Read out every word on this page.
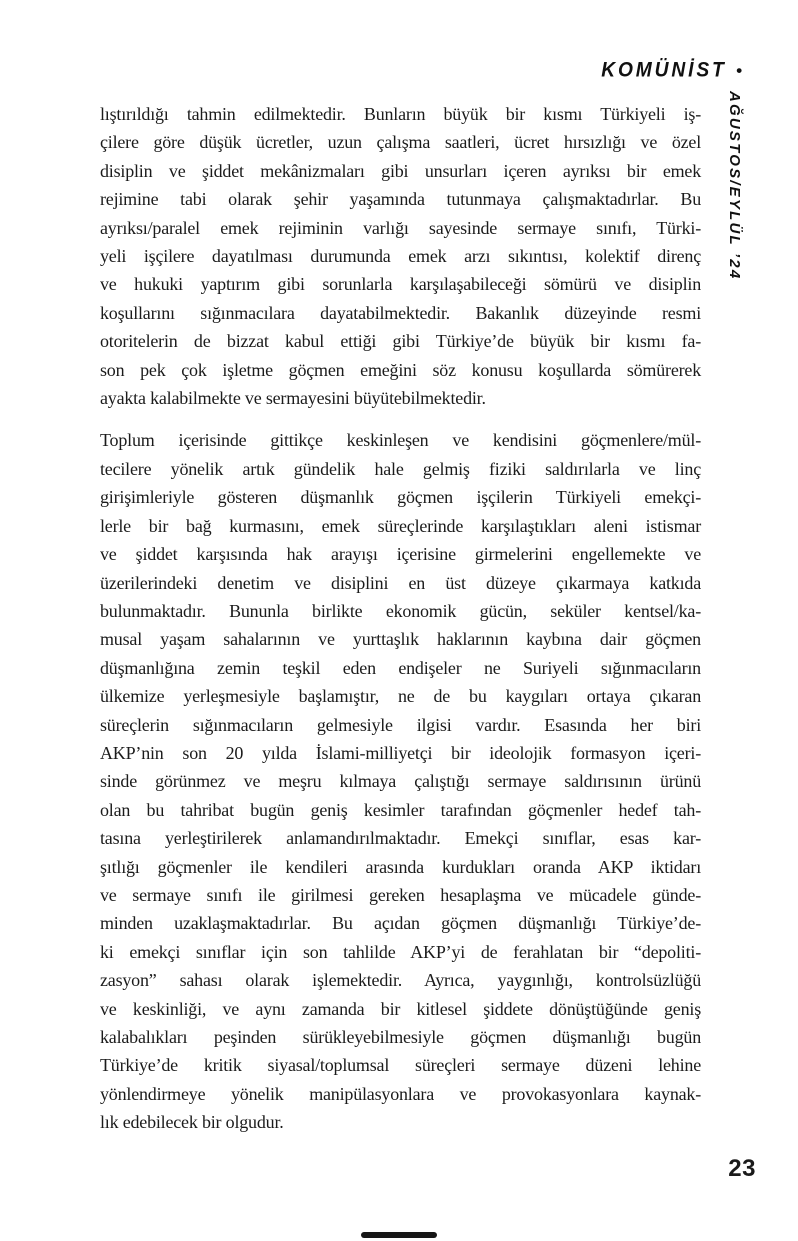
KOMÜNİST •
AĞUSTOS/EYLÜL ’24
lıştırıldığı tahmin edilmektedir. Bunların büyük bir kısmı Türkiyeli iş-
çilere göre düşük ücretler, uzun çalışma saatleri, ücret hırsızlığı ve özel
disiplin ve şiddet mekânizmaları gibi unsurları içeren ayrıksı bir emek
rejimine tabi olarak şehir yaşamında tutunmaya çalışmaktadırlar. Bu
ayrıksı/paralel emek rejiminin varlığı sayesinde sermaye sınıfı, Türki-
yeli işçilere dayatılması durumunda emek arzı sıkıntısı, kolektif direnç
ve hukuki yaptırım gibi sorunlarla karşılaşabileceği sömürü ve disiplin
koşullarını sığınmacılara dayatabilmektedir. Bakanlık düzeyinde resmi
otoritelerin de bizzat kabul ettiği gibi Türkiye’de büyük bir kısmı fa-
son pek çok işletme göçmen emeğini söz konusu koşullarda sömürerek
ayakta kalabilmekte ve sermayesini büyütebilmektedir.
Toplum içerisinde gittikçe keskinleşen ve kendisini göçmenlere/mül-
tecilere yönelik artık gündelik hale gelmiş fiziki saldırılarla ve linç
girişimleriyle gösteren düşmanlık göçmen işçilerin Türkiyeli emekçi-
lerle bir bağ kurmasını, emek süreçlerinde karşılaştıkları aleni istismar
ve şiddet karşısında hak arayışı içerisine girmelerini engellemekte ve
üzerilerindeki denetim ve disiplini en üst düzeye çıkarmaya katkıda
bulunmaktadır. Bununla birlikte ekonomik gücün, seküler kentsel/ka-
musal yaşam sahalarının ve yurttaşlık haklarının kaybına dair göçmen
düşmanlığına zemin teşkil eden endişeler ne Suriyeli sığınmacıların
ülkemize yerleşmesiyle başlamıştır, ne de bu kaygıları ortaya çıkaran
süreçlerin sığınmacıların gelmesiyle ilgisi vardır. Esasında her biri
AKP’nin son 20 yılda İslami-milliyetçi bir ideolojik formasyon içeri-
sinde görünmez ve meşru kılmaya çalıştığı sermaye saldırısının ürünü
olan bu tahribat bugün geniş kesimler tarafından göçmenler hedef tah-
tasına yerleştirilerek anlamandırılmaktadır. Emekçi sınıflar, esas kar-
şıtlığı göçmenler ile kendileri arasında kurdukları oranda AKP iktidarı
ve sermaye sınıfı ile girilmesi gereken hesaplaşma ve mücadele günde-
minden uzaklaşmaktadırlar. Bu açıdan göçmen düşmanlığı Türkiye’de-
ki emekçi sınıflar için son tahlilde AKP’yi de ferahlatan bir “depoliti-
zasyon” sahası olarak işlemektedir. Ayrıca, yaygınlığı, kontrolsüzlüğü
ve keskinliği, ve aynı zamanda bir kitlesel şiddete dönüştüğünde geniş
kalabalıkları peşinden sürükleyebilmesiyle göçmen düşmanlığı bugün
Türkiye’de kritik siyasal/toplumsal süreçleri sermaye düzeni lehine
yönlendirmeye yönelik manipülasyonlara ve provokasyonlara kaynak-
lık edebilecek bir olgudur.
23
